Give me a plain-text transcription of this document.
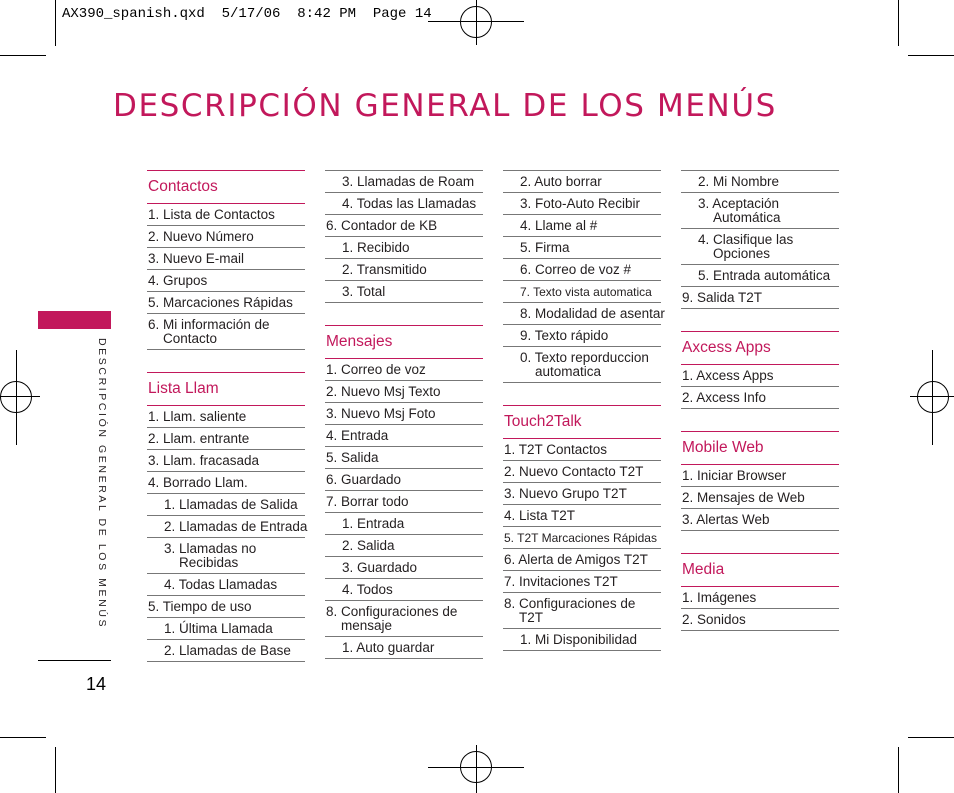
AX390_spanish.qxd  5/17/06  8:42 PM  Page 14
DESCRIPCIÓN GENERAL DE LOS MENÚS
DESCRIPCIÓN GENERAL DE LOS MENÚS
14
Contactos
1. Lista de Contactos
2. Nuevo Número
3. Nuevo E-mail
4. Grupos
5. Marcaciones Rápidas
6. Mi información de
Contacto
Lista Llam
1. Llam. saliente
2. Llam. entrante
3. Llam. fracasada
4. Borrado Llam.
1. Llamadas de Salida
2. Llamadas de Entrada
3. Llamadas no
Recibidas
4. Todas Llamadas
5. Tiempo de uso
1. Última Llamada
2. Llamadas de Base
3. Llamadas de Roam
4. Todas las Llamadas
6. Contador de KB
1. Recibido
2. Transmitido
3. Total
Mensajes
1. Correo de voz
2. Nuevo Msj Texto
3. Nuevo Msj Foto
4. Entrada
5. Salida
6. Guardado
7. Borrar todo
1. Entrada
2. Salida
3. Guardado
4. Todos
8. Configuraciones de
mensaje
1. Auto guardar
2. Auto borrar
3. Foto-Auto Recibir
4. Llame al #
5. Firma
6. Correo de voz #
7. Texto vista automatica
8. Modalidad de asentar
9. Texto rápido
0. Texto reporduccion
automatica
Touch2Talk
1. T2T Contactos
2. Nuevo Contacto T2T
3. Nuevo Grupo T2T
4. Lista T2T
5. T2T Marcaciones Rápidas
6. Alerta de Amigos T2T
7. Invitaciones T2T
8. Configuraciones de
T2T
1. Mi Disponibilidad
2. Mi Nombre
3. Aceptación
Automática
4. Clasifique las
Opciones
5. Entrada automática
9. Salida T2T
Axcess Apps
1. Axcess Apps
2. Axcess Info
Mobile Web
1. Iniciar Browser
2. Mensajes de Web
3. Alertas Web
Media
1. Imágenes
2. Sonidos
